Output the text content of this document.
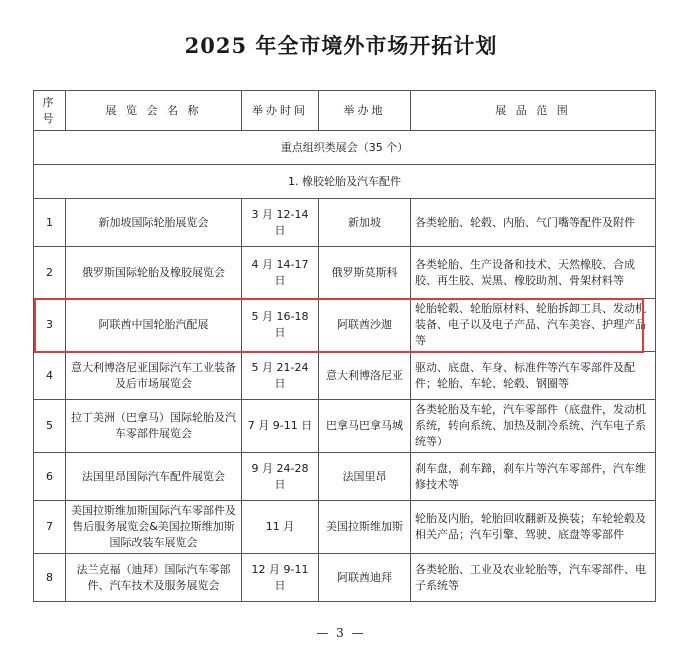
2025 年全市境外市场开拓计划
序号	展 览 会 名 称	举办时间	举办地	展 品 范 围
重点组织类展会（35 个）				
1. 橡胶轮胎及汽车配件				
1	新加坡国际轮胎展览会	3 月 12-14 日	新加坡	各类轮胎、轮毂、内胎、气门嘴等配件及附件
2	俄罗斯国际轮胎及橡胶展览会	4 月 14-17 日	俄罗斯莫斯科	各类轮胎、生产设备和技术、天然橡胶、合成胶、再生胶、炭黑、橡胶助剂、骨架材料等
3	阿联酋中国轮胎汽配展	5 月 16-18 日	阿联酋沙迦	轮胎轮毂、轮胎原材料、轮胎拆卸工具、发动机装备、电子以及电子产品、汽车美容、护理产品等
4	意大利博洛尼亚国际汽车工业装备及后市场展览会	5 月 21-24 日	意大利博洛尼亚	驱动、底盘、车身、标准件等汽车零部件及配件；轮胎、车轮、轮毂、钢圈等
5	拉丁美洲（巴拿马）国际轮胎及汽车零部件展览会	7 月 9-11 日	巴拿马巴拿马城	各类轮胎及车轮，汽车零部件（底盘件，发动机系统，转向系统、加热及制冷系统、汽车电子系统等）
6	法国里昂国际汽车配件展览会	9 月 24-28 日	法国里昂	刹车盘，刹车蹄，刹车片等汽车零部件，汽车维修技术等
7	美国拉斯维加斯国际汽车零部件及售后服务展览会&美国拉斯维加斯国际改装车展览会	11 月	美国拉斯维加斯	轮胎及内胎，轮胎回收翻新及换装；车轮轮毂及相关产品；汽车引擎、驾驶、底盘等零部件
8	法兰克福（迪拜）国际汽车零部件、汽车技术及服务展览会	12 月 9-11 日	阿联酋迪拜	各类轮胎、工业及农业轮胎等，汽车零部件、电子系统等
— 3 —
